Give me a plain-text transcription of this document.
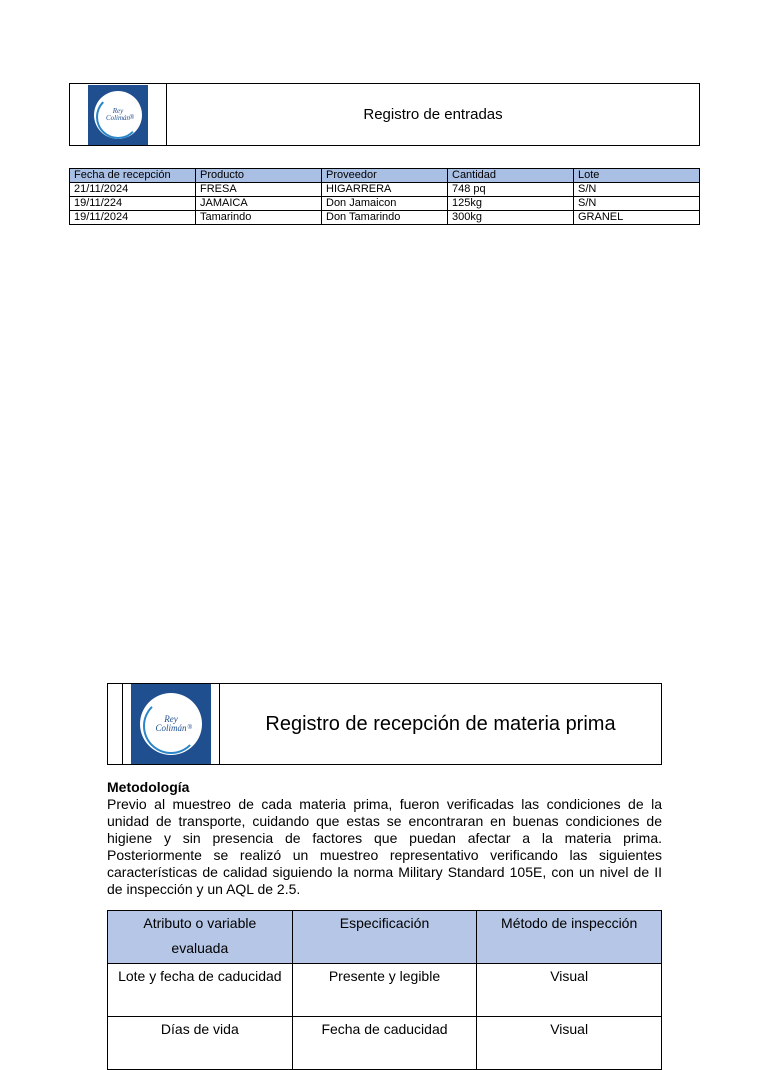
Rey
Colimán ®	Registro de entradas
Fecha de recepción	Producto	Proveedor	Cantidad	Lote
21/11/2024	FRESA	HIGARRERA	748 pq	S/N
19/11/224	JAMAICA	Don Jamaicon	125kg	S/N
19/11/2024	Tamarindo	Don Tamarindo	300kg	GRANEL
Rey
Colimán ®	Registro de recepción de materia prima
Metodología
Previo al muestreo de cada materia prima, fueron verificadas las condiciones de la unidad de transporte, cuidando que estas se encontraran en buenas condiciones de higiene y sin presencia de factores que puedan afectar a la materia prima. Posteriormente se realizó un muestreo representativo verificando las siguientes características de calidad siguiendo la norma Military Standard 105E, con un nivel de II de inspección y un AQL de 2.5.
Atributo o variable evaluada	Especificación	Método de inspección
Lote y fecha de caducidad	Presente y legible	Visual
Días de vida	Fecha de caducidad	Visual
